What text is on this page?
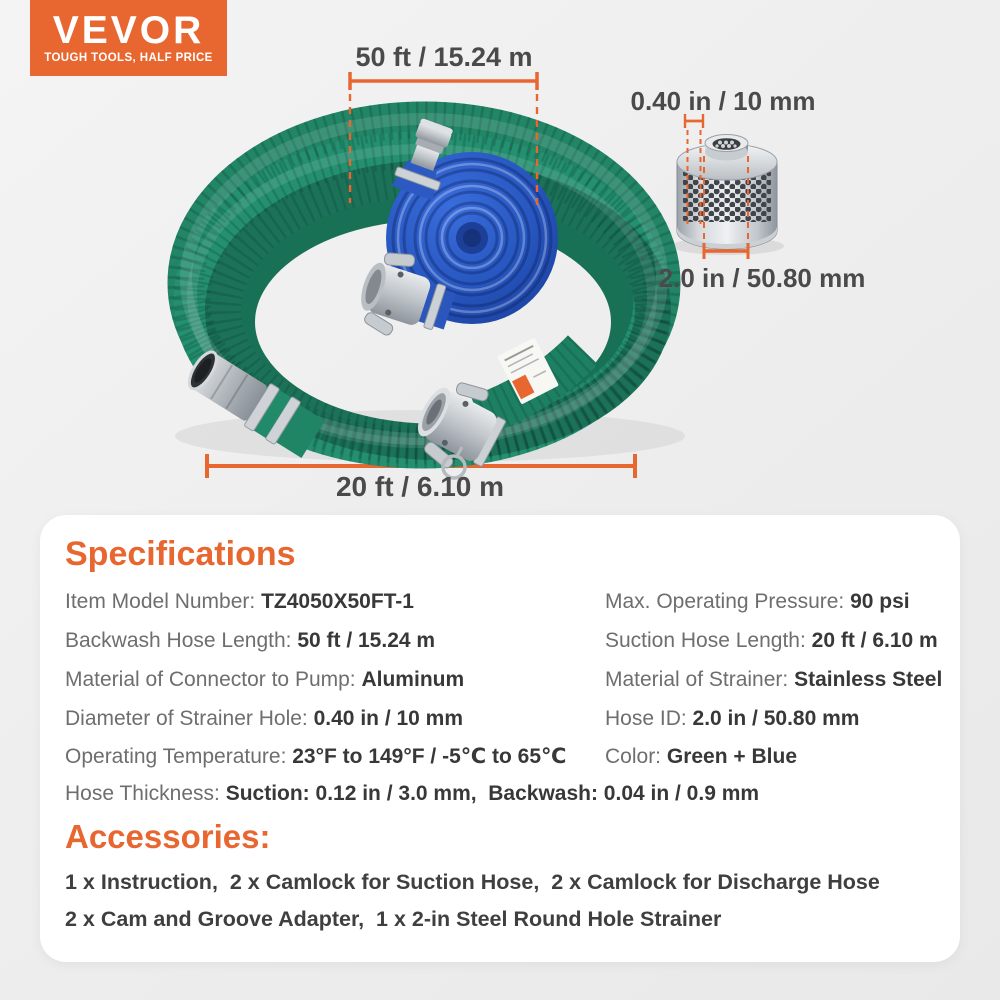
VEVOR
TOUGH TOOLS, HALF PRICE	50 ft / 15.24 m
0.40 in / 10 mm
2.0 in / 50.80 mm
20 ft / 6.10 m
Specifications
Item Model Number: TZ4050X50FT-1	Max. Operating Pressure: 90 psi
Backwash Hose Length: 50 ft / 15.24 m	Suction Hose Length: 20 ft / 6.10 m
Material of Connector to Pump: Aluminum	Material of Strainer: Stainless Steel
Diameter of Strainer Hole: 0.40 in / 10 mm	Hose ID: 2.0 in / 50.80 mm
Operating Temperature: 23°F to 149°F / -5℃ to 65℃ Color: Green + Blue
Hose Thickness: Suction: 0.12 in / 3.0 mm,  Backwash: 0.04 in / 0.9 mm
Accessories:
1 x Instruction,  2 x Camlock for Suction Hose,  2 x Camlock for Discharge Hose
2 x Cam and Groove Adapter,  1 x 2-in Steel Round Hole Strainer
